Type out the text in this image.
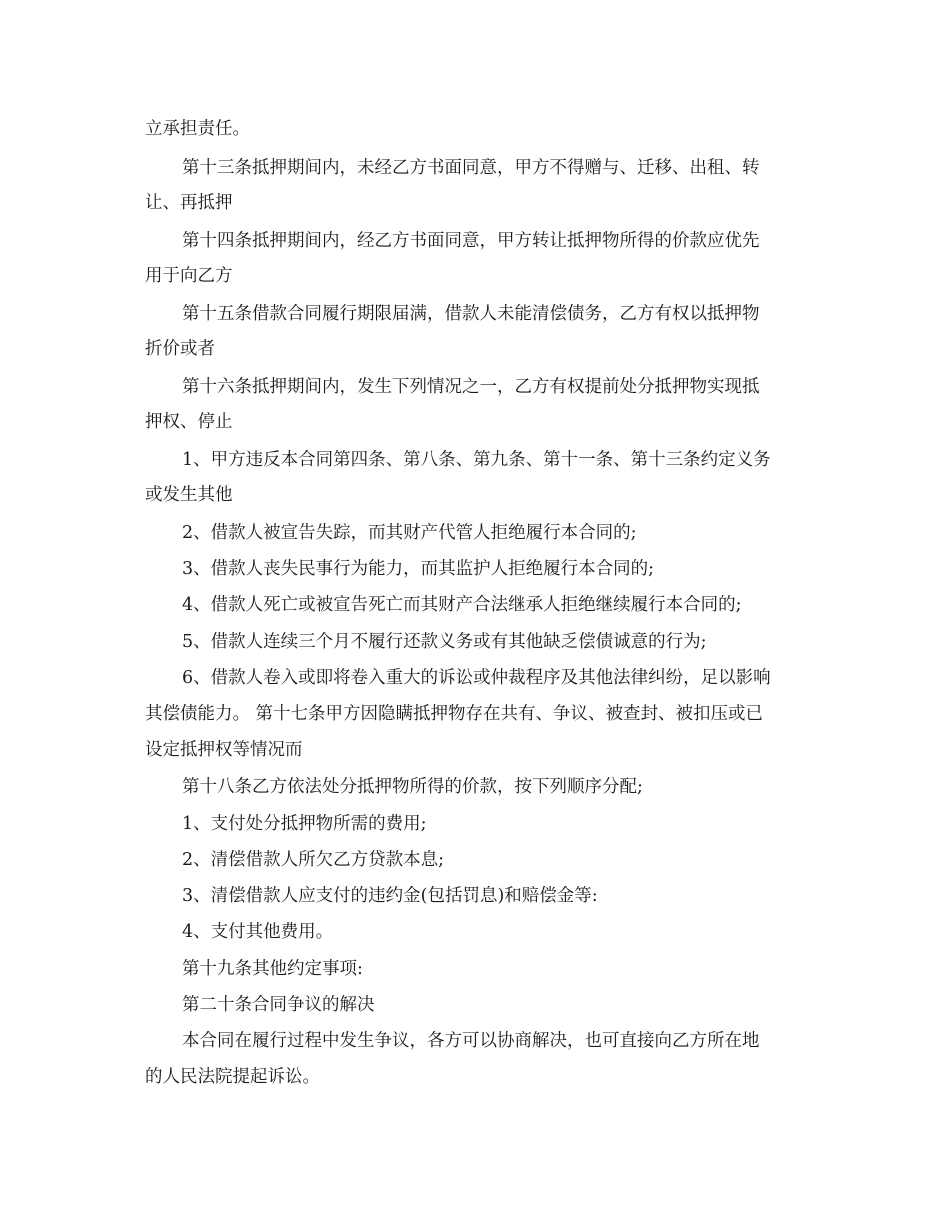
立承担责任。
第十三条抵押期间内，未经乙方书面同意，甲方不得赠与、迁移、出租、转
让、再抵押
第十四条抵押期间内，经乙方书面同意，甲方转让抵押物所得的价款应优先
用于向乙方
第十五条借款合同履行期限届满，借款人未能清偿债务，乙方有权以抵押物
折价或者
第十六条抵押期间内，发生下列情况之一，乙方有权提前处分抵押物实现抵
押权、停止
1、甲方违反本合同第四条、第八条、第九条、第十一条、第十三条约定义务
或发生其他
2、借款人被宣告失踪，而其财产代管人拒绝履行本合同的;
3、借款人丧失民事行为能力，而其监护人拒绝履行本合同的;
4、借款人死亡或被宣告死亡而其财产合法继承人拒绝继续履行本合同的;
5、借款人连续三个月不履行还款义务或有其他缺乏偿债诚意的行为;
6、借款人卷入或即将卷入重大的诉讼或仲裁程序及其他法律纠纷，足以影响
其偿债能力。 第十七条甲方因隐瞒抵押物存在共有、争议、被查封、被扣压或已
设定抵押权等情况而
第十八条乙方依法处分抵押物所得的价款，按下列顺序分配;
1、支付处分抵押物所需的费用;
2、清偿借款人所欠乙方贷款本息;
3、清偿借款人应支付的违约金(包括罚息)和赔偿金等:
4、支付其他费用。
第十九条其他约定事项:
第二十条合同争议的解决
本合同在履行过程中发生争议，各方可以协商解决，也可直接向乙方所在地
的人民法院提起诉讼。
